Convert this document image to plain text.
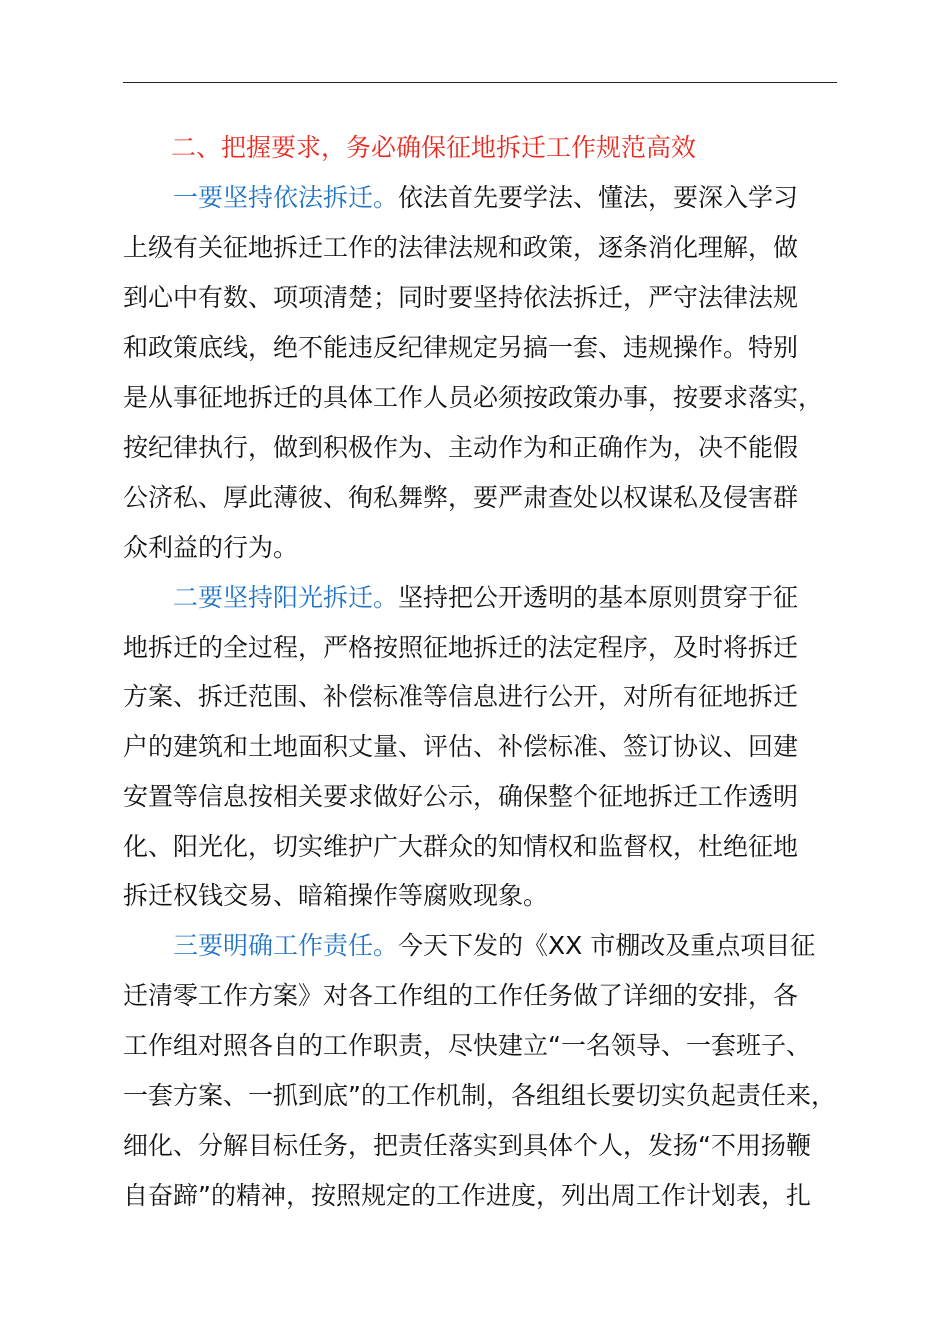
二、把握要求，务必确保征地拆迁工作规范高效
一要坚持依法拆迁。依法首先要学法、懂法，要深入学习
上级有关征地拆迁工作的法律法规和政策，逐条消化理解，做
到心中有数、项项清楚；同时要坚持依法拆迁，严守法律法规
和政策底线，绝不能违反纪律规定另搞一套、违规操作。特别
是从事征地拆迁的具体工作人员必须按政策办事，按要求落实，
按纪律执行，做到积极作为、主动作为和正确作为，决不能假
公济私、厚此薄彼、徇私舞弊，要严肃查处以权谋私及侵害群
众利益的行为。
二要坚持阳光拆迁。坚持把公开透明的基本原则贯穿于征
地拆迁的全过程，严格按照征地拆迁的法定程序，及时将拆迁
方案、拆迁范围、补偿标准等信息进行公开，对所有征地拆迁
户的建筑和土地面积丈量、评估、补偿标准、签订协议、回建
安置等信息按相关要求做好公示，确保整个征地拆迁工作透明
化、阳光化，切实维护广大群众的知情权和监督权，杜绝征地
拆迁权钱交易、暗箱操作等腐败现象。
三要明确工作责任。今天下发的《XX 市棚改及重点项目征
迁清零工作方案》对各工作组的工作任务做了详细的安排，各
工作组对照各自的工作职责，尽快建立“一名领导、一套班子、
一套方案、一抓到底”的工作机制，各组组长要切实负起责任来，
细化、分解目标任务，把责任落实到具体个人，发扬“不用扬鞭
自奋蹄”的精神，按照规定的工作进度，列出周工作计划表，扎
